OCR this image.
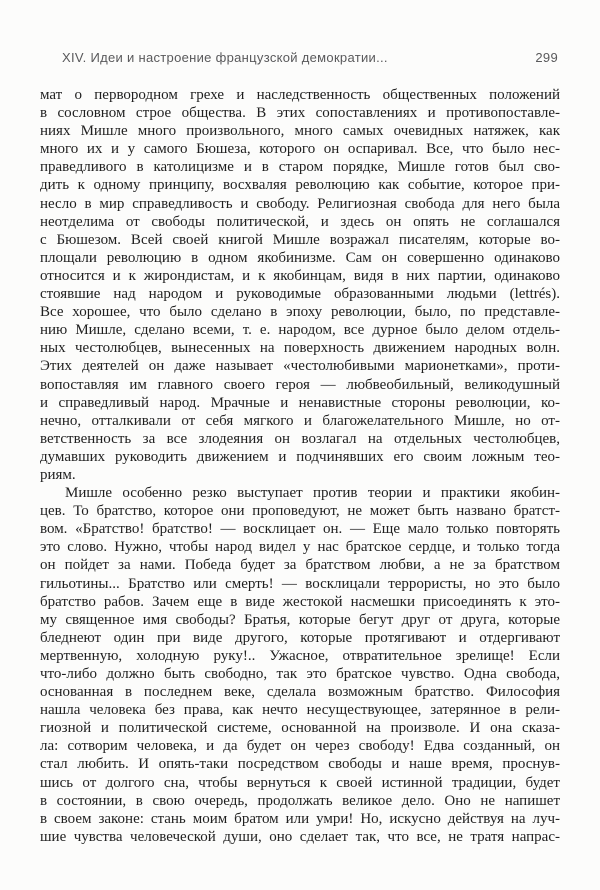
XIV. Идеи и настроение французской демократии...	299
мат о первородном грехе и наследственность общественных положений
в сословном строе общества. В этих сопоставлениях и противопоставле-
ниях Мишле много произвольного, много самых очевидных натяжек, как
много их и у самого Бюшеза, которого он оспаривал. Все, что было нес-
праведливого в католицизме и в старом порядке, Мишле готов был сво-
дить к одному принципу, восхваляя революцию как событие, которое при-
несло в мир справедливость и свободу. Религиозная свобода для него была
неотделима от свободы политической, и здесь он опять не соглашался
с Бюшезом. Всей своей книгой Мишле возражал писателям, которые во-
площали революцию в одном якобинизме. Сам он совершенно одинаково
относится и к жирондистам, и к якобинцам, видя в них партии, одинаково
стоявшие над народом и руководимые образованными людьми (lettrés).
Все хорошее, что было сделано в эпоху революции, было, по представле-
нию Мишле, сделано всеми, т. е. народом, все дурное было делом отдель-
ных честолюбцев, вынесенных на поверхность движением народных волн.
Этих деятелей он даже называет «честолюбивыми марионетками», проти-
вопоставляя им главного своего героя — любвеобильный, великодушный
и справедливый народ. Мрачные и ненавистные стороны революции, ко-
нечно, отталкивали от себя мягкого и благожелательного Мишле, но от-
ветственность за все злодеяния он возлагал на отдельных честолюбцев,
думавших руководить движением и подчинявших его своим ложным тео-
риям.
Мишле особенно резко выступает против теории и практики якобин-
цев. То братство, которое они проповедуют, не может быть названо братст-
вом. «Братство! братство! — восклицает он. — Еще мало только повторять
это слово. Нужно, чтобы народ видел у нас братское сердце, и только тогда
он пойдет за нами. Победа будет за братством любви, а не за братством
гильотины... Братство или смерть! — восклицали террористы, но это было
братство рабов. Зачем еще в виде жестокой насмешки присоединять к это-
му священное имя свободы? Братья, которые бегут друг от друга, которые
бледнеют один при виде другого, которые протягивают и отдергивают
мертвенную, холодную руку!.. Ужасное, отвратительное зрелище! Если
что-либо должно быть свободно, так это братское чувство. Одна свобода,
основанная в последнем веке, сделала возможным братство. Философия
нашла человека без права, как нечто несуществующее, затерянное в рели-
гиозной и политической системе, основанной на произволе. И она сказа-
ла: сотворим человека, и да будет он через свободу! Едва созданный, он
стал любить. И опять-таки посредством свободы и наше время, проснув-
шись от долгого сна, чтобы вернуться к своей истинной традиции, будет
в состоянии, в свою очередь, продолжать великое дело. Оно не напишет
в своем законе: стань моим братом или умри! Но, искусно действуя на луч-
шие чувства человеческой души, оно сделает так, что все, не тратя напрас-
